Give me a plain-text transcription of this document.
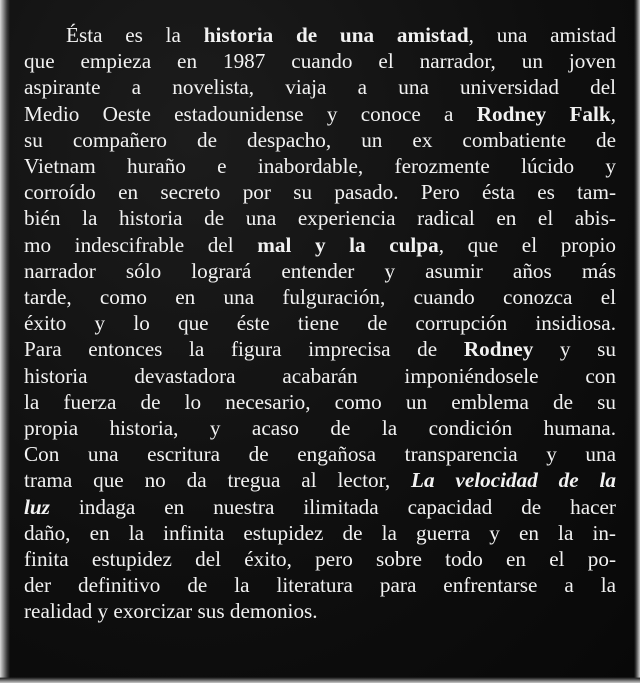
Ésta es la historia de una amistad, una amistad
que empieza en 1987 cuando el narrador, un joven
aspirante a novelista, viaja a una universidad del
Medio Oeste estadounidense y conoce a Rodney Falk,
su compañero de despacho, un ex combatiente de
Vietnam huraño e inabordable, ferozmente lúcido y
corroído en secreto por su pasado. Pero ésta es tam-
bién la historia de una experiencia radical en el abis-
mo indescifrable del mal y la culpa, que el propio
narrador sólo logrará entender y asumir años más
tarde, como en una fulguración, cuando conozca el
éxito y lo que éste tiene de corrupción insidiosa.
Para entonces la figura imprecisa de Rodney y su
historia devastadora acabarán imponiéndosele con
la fuerza de lo necesario, como un emblema de su
propia historia, y acaso de la condición humana.
Con una escritura de engañosa transparencia y una
trama que no da tregua al lector, La velocidad de la
luz indaga en nuestra ilimitada capacidad de hacer
daño, en la infinita estupidez de la guerra y en la in-
finita estupidez del éxito, pero sobre todo en el po-
der definitivo de la literatura para enfrentarse a la
realidad y exorcizar sus demonios.
